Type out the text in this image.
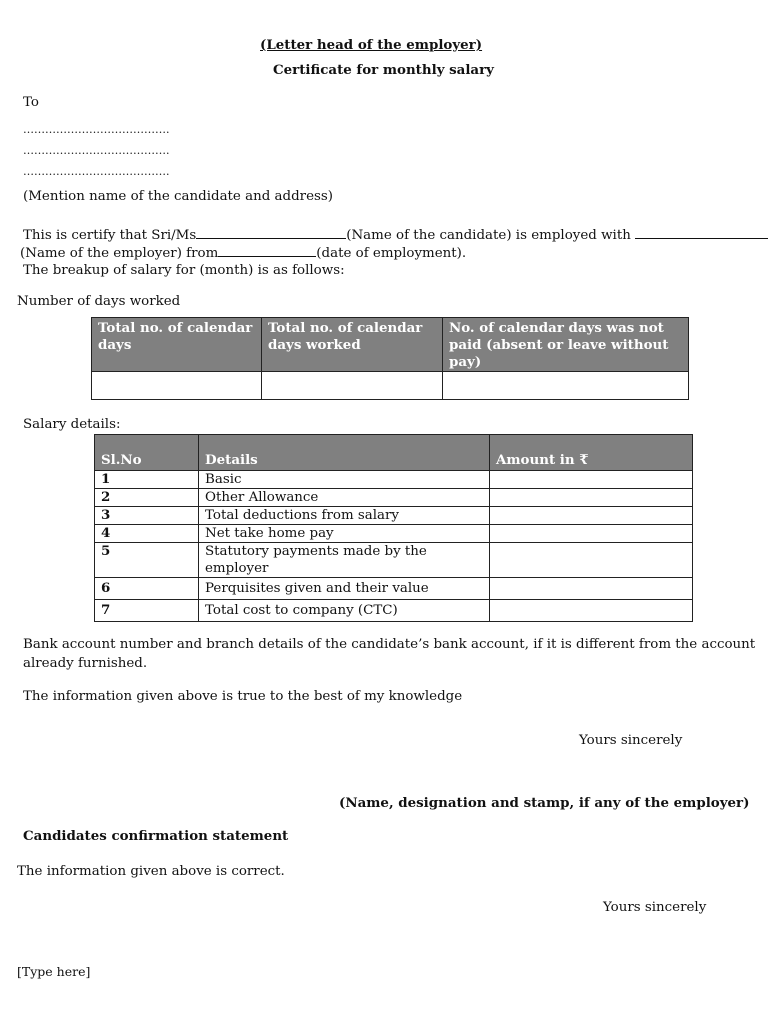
(Letter head of the employer)
Certificate for monthly salary
To
………………………………….
………………………………….
………………………………….
(Mention name of the candidate and address)
This is certify that Sri/Ms	(Name of the candidate) is employed with
(Name of the employer) from	(date of employment).
The breakup of salary for (month) is as follows:
Number of days worked
Total no. of calendar days	Total no. of calendar days worked	No. of calendar days was not paid (absent or leave without pay)

Salary details:
Sl.No	Details	Amount in ₹
1	Basic	
2	Other Allowance	
3	Total deductions from salary	
4	Net take home pay	
5	Statutory payments made by the employer	
6	Perquisites given and their value	
7	Total cost to company (CTC)	
Bank account number and branch details of the candidate’s bank account, if it is different from the account
already furnished.
The information given above is true to the best of my knowledge
Yours sincerely
(Name, designation and stamp, if any of the employer)
Candidates confirmation statement
The information given above is correct.
Yours sincerely
[Type here]
